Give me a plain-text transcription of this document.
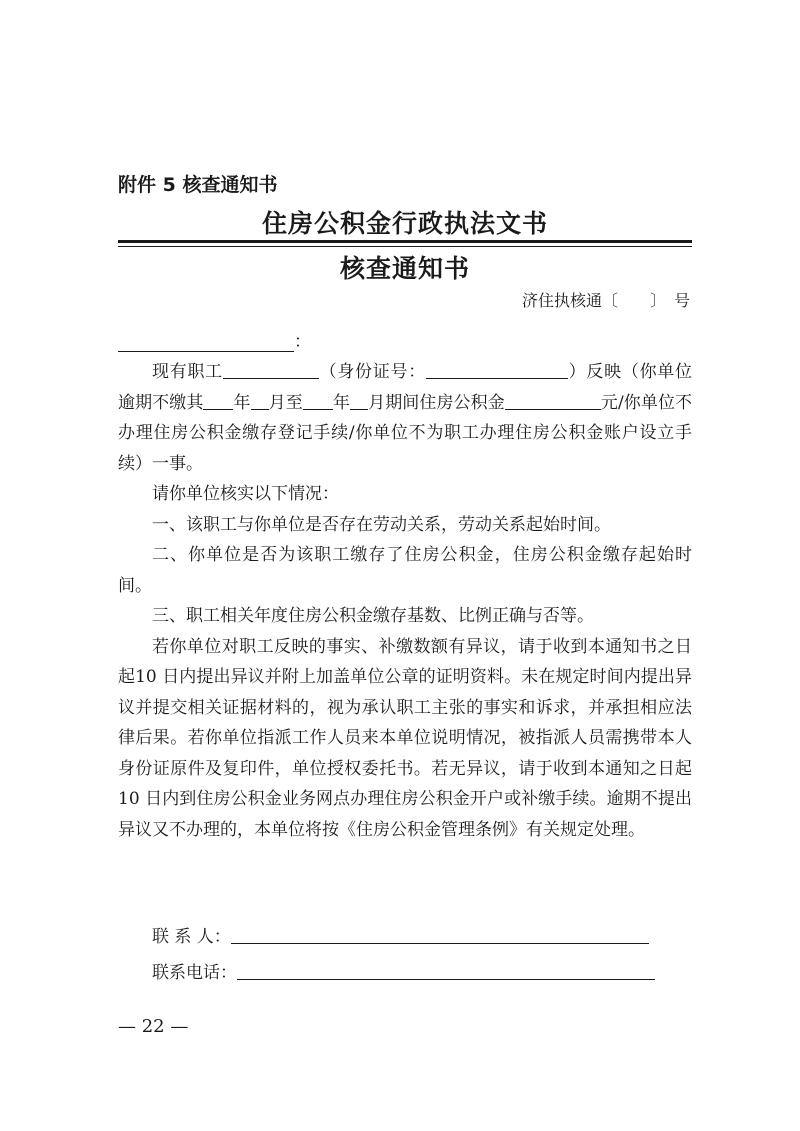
附件 5 核查通知书
住房公积金行政执法文书
核查通知书
济住执核通〔　　〕　号
：

现有职工	（身份证号：	）反映（你单位逾期不缴其 年 月至 年 月期间住房公积金	元/你单位不办理住房公积金缴存登记手续/你单位不为职工办理住房公积金账户设立手续）一事。

请你单位核实以下情况：

一、该职工与你单位是否存在劳动关系，劳动关系起始时间。

二、你单位是否为该职工缴存了住房公积金，住房公积金缴存起始时间。

三、职工相关年度住房公积金缴存基数、比例正确与否等。

若你单位对职工反映的事实、补缴数额有异议，请于收到本通知书之日起10 日内提出异议并附上加盖单位公章的证明资料。未在规定时间内提出异议并提交相关证据材料的，视为承认职工主张的事实和诉求，并承担相应法律后果。若你单位指派工作人员来本单位说明情况，被指派人员需携带本人身份证原件及复印件，单位授权委托书。若无异议，请于收到本通知之日起 10 日内到住房公积金业务网点办理住房公积金开户或补缴手续。逾期不提出异议又不办理的，本单位将按《住房公积金管理条例》有关规定处理。

联 系 人：
联系电话：
— 22 —
